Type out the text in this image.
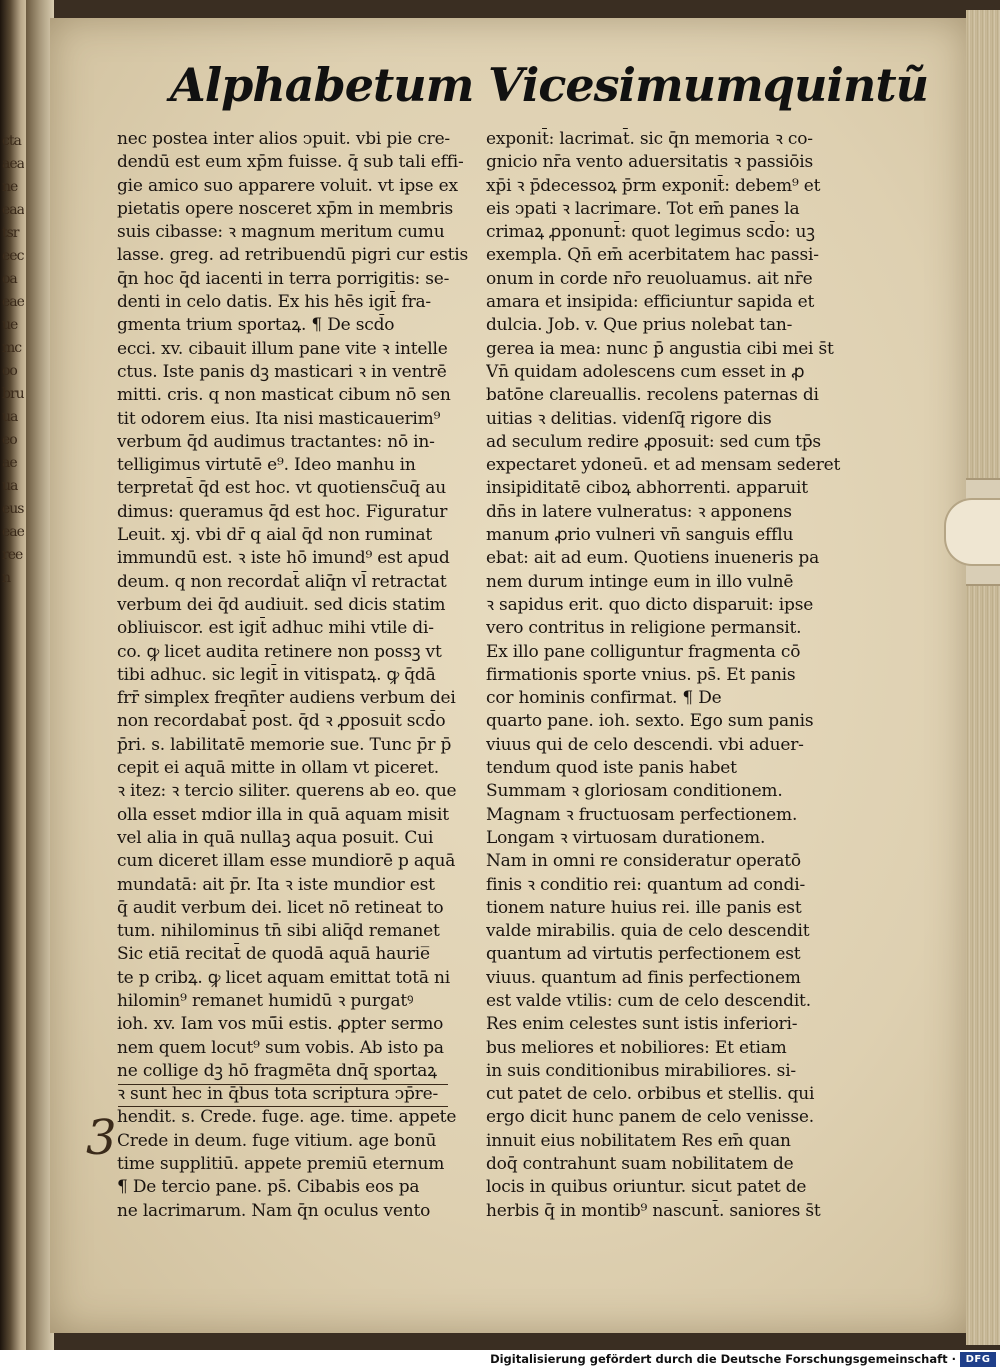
ctaaeaneeaatsreecoaeaeuemcoobruuaeoaeuaeuseaereen
Alphabetum Vicesimumquintũ
nec postea inter alios ↄpuit. vbi pie cre-
dendū est eum xp̄m fuisse. q̄ sub tali effi-
gie amico suo apparere voluit. vt ipse ex
pietatis opere nosceret xp̄m in membris
suis cibasse: ꝛ magnum meritum cumu
lasse. greg. ad retribuendū pigri cur estis
q̄n hoc q̄d iacenti in terra porrigitis: se-
denti in celo datis. Ex his hēs igit̄ fra-
gmenta trium sportaꝝ. ¶ De scd̄o
ecci. xv. cibauit illum pane vite ꝛ intelle
ctus. Iste panis dꝫ masticari ꝛ in ventrē
mitti. cris. q non masticat cibum nō sen
tit odorem eius. Ita nisi masticauerim⁹
verbum q̄d audimus tractantes: nō in-
telligimus virtutē e⁹. Ideo manhu in
terpretat̄ q̄d est hoc. vt quotiensc̄uq̄ au
dimus: queramus q̄d est hoc. Figuratur
Leuit. xj. vbi dr̄ q aial q̄d non ruminat
immundū est. ꝛ iste hō imund⁹ est apud
deum. q non recordat̄ aliq̄n vl̄ retractat
verbum dei q̄d audiuit. sed dicis statim
obliuiscor. est igit̄ adhuc mihi vtile di-
co. ꝙ licet audita retinere non possꝫ vt
tibi adhuc. sic legit̄ in vitispatꝝ. ꝙ q̄dā
frr̄ simplex freqn̄ter audiens verbum dei
non recordabat̄ post. q̄d ꝛ ꝓposuit scd̄o
p̄ri. s. labilitatē memorie sue. Tunc p̄r p̄
cepit ei aquā mitte in ollam vt piceret.
ꝛ itez: ꝛ tercio siliter. querens ab eo. que
olla esset mdior illa in quā aquam misit
vel alia in quā nullaꝫ aqua posuit. Cui
cum diceret illam esse mundiorē p aquā
mundatā: ait p̄r. Ita ꝛ iste mundior est
q̄ audit verbum dei. licet nō retineat to
tum. nihilominus tn̄ sibi aliq̄d remanet
Sic etiā recitat̄ de quodā aquā haurie̅
te p cribꝝ. ꝙ licet aquam emittat totā ni
hilomin⁹ remanet humidū ꝛ purgatꝰ
ioh. xv. Iam vos mū̄i estis. ꝓpter sermo
nem quem locut⁹ sum vobis. Ab isto pa
ne collige dꝫ hō fragmēta dnq̄ sportaꝝ
ꝛ sunt hec in q̄bus tota scriptura ↄp̄re-
hendit̄. s. Crede. fuge. age. time. appete
Crede in deum. fuge vitium. age bonū
time supplitiū. appete premiū eternum
¶ De tercio pane. ps̄. Cibabis eos pa
ne lacrimarum. Nam q̄n oculus vento
exponit̄: lacrimat̄. sic q̄n memoria ꝛ co-
gnicio nr̄a vento aduersitatis ꝛ passiōis
xp̄i ꝛ p̄decessoꝝ p̄rm exponit̄: debem⁹ et
eis ↄpati ꝛ lacrimare. Tot em̄ panes la
crimaꝝ ꝓponunt̄: quot legimus scd̄o: uꝫ
exempla. Qn̄ em̄ acerbitatem hac passi-
onum in corde nr̄o reuoluamus. ait nr̄e
amara et insipida: efficiuntur sapida et
dulcia. Job. v. Que prius nolebat tan-
gerea ia mea: nunc p̄ angustia cibi mei s̄t
Vn̄ quidam adolescens cum esset in ꝓ
batōne clareuallis. recolens paternas di
uitias ꝛ delitias. videnſq̄ rigore dis
ad seculum redire ꝓposuit: sed cum tp̄s
expectaret ydoneū. et ad mensam sederet
insipiditatē ciboꝝ abhorrenti. apparuit
dn̄s in latere vulneratus: ꝛ apponens
manum ꝓrio vulneri vn̄ sanguis efflu
ebat: ait ad eum. Quotiens inueneris pa
nem durum intinge eum in illo vulnē
ꝛ sapidus erit. quo dicto disparuit: ipse
vero contritus in religione permansit.
Ex illo pane colliguntur fragmenta cō
firmationis sporte vnius. ps̄. Et panis
cor hominis confirmat. ¶ De
quarto pane. ioh. sexto. Ego sum panis
viuus qui de celo descendi. vbi aduer-
tendum quod iste panis habet
Summam ꝛ gloriosam conditionem.
Magnam ꝛ fructuosam perfectionem.
Longam ꝛ virtuosam durationem.
Nam in omni re consideratur operatō
finis ꝛ conditio rei: quantum ad condi-
tionem nature huius rei. ille panis est
valde mirabilis. quia de celo descendit
quantum ad virtutis perfectionem est
viuus. quantum ad finis perfectionem
est valde vtilis: cum de celo descendit.
Res enim celestes sunt istis inferiori-
bus meliores et nobiliores: Et etiam
in suis conditionibus mirabiliores. si-
cut patet de celo. orbibus et stellis. qui
ergo dicit hunc panem de celo venisse.
innuit eius nobilitatem Res em̄ quan
doq̄ contrahunt suam nobilitatem de
locis in quibus oriuntur. sicut patet de
herbis q̄ in montib⁹ nascunt̄. saniores s̄t
3
Digitalisierung gefördert durch die Deutsche Forschungsgemeinschaft · DFG
